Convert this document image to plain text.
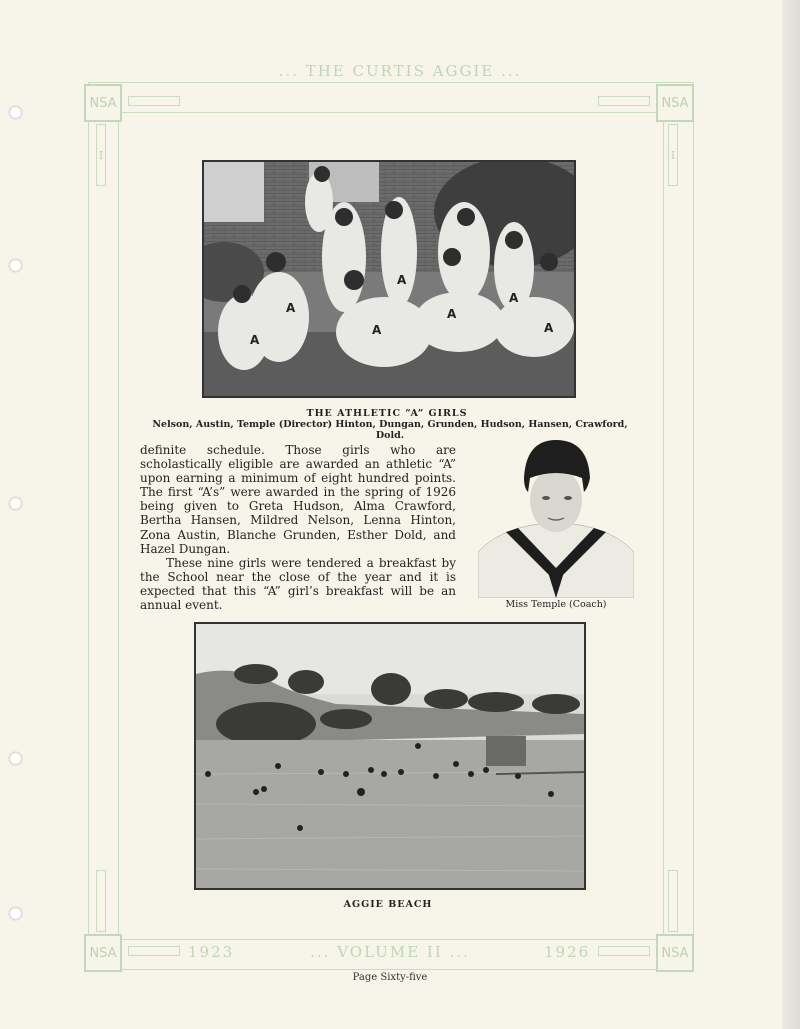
I	I
NSA	NSA
NSA	NSA
... THE CURTIS AGGIE ...
A
A
A
A
A
A
A
THE ATHLETIC “A” GIRLS
Nelson, Austin, Temple (Director) Hinton, Dungan, Grunden, Hudson, Hansen, Crawford, Dold.

definite schedule. Those girls who are scholastically eligible are awarded an athletic “A” upon earning a minimum of eight hundred points. The first “A’s” were awarded in the spring of 1926 being given to Greta Hudson, Alma Crawford, Bertha Hansen, Mildred Nelson, Lenna Hinton, Zona Austin, Blanche Grunden, Esther Dold, and Hazel Dungan.

These nine girls were tendered a breakfast by the School near the close of the year and it is expected that this “A” girl’s breakfast will be an annual event.	Miss Temple (Coach)
AGGIE BEACH
1923	... VOLUME II ...	1926
Page Sixty-five
